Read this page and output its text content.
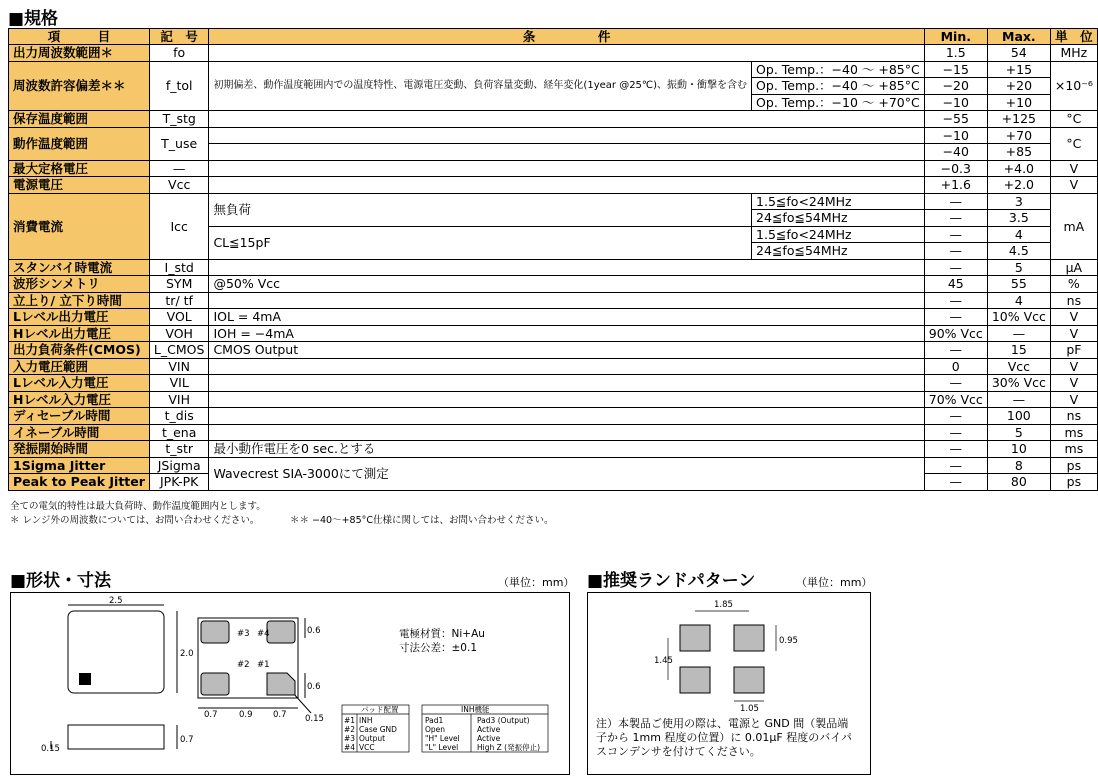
■規格
項　　　目	記　号	条　　　　　件		Min.	Max.	単　位
出力周波数範囲＊	fo			1.5	54	MHz
周波数許容偏差＊＊	f_tol	初期偏差、動作温度範囲内での温度特性、電源電圧変動、負荷容量変動、経年変化(1year @25℃)、振動・衝撃を含む	Op. Temp.：−40 〜 +85°C	−15	+15	×10⁻⁶
			Op. Temp.：−40 〜 +85°C	−20	+20	
			Op. Temp.：−10 〜 +70°C	−10	+10	
保存温度範囲	T_stg			−55	+125	°C
動作温度範囲	T_use			−10	+70	°C
				−40	+85	
最大定格電圧	—			−0.3	+4.0	V
電源電圧	Vcc			+1.6	+2.0	V
消費電流	Icc	無負荷	1.5≦fo<24MHz	—	3	mA
			24≦fo≦54MHz	—	3.5	
		CL≦15pF	1.5≦fo<24MHz	—	4	
			24≦fo≦54MHz	—	4.5	
スタンバイ時電流	I_std			—	5	µA
波形シンメトリ	SYM	@50% Vcc		45	55	%
立上り/ 立下り時間	tr/ tf			—	4	ns
Lレベル出力電圧	VOL	IOL = 4mA		—	10% Vcc	V
Hレベル出力電圧	VOH	IOH = −4mA		90% Vcc	—	V
出力負荷条件(CMOS)	L_CMOS	CMOS Output		—	15	pF
入力電圧範囲	VIN			0	Vcc	V
Lレベル入力電圧	VIL			—	30% Vcc	V
Hレベル入力電圧	VIH			70% Vcc	—	V
ディセーブル時間	t_dis			—	100	ns
イネーブル時間	t_ena			—	5	ms
発振開始時間	t_str	最小動作電圧を0 sec.とする		—	10	ms
1Sigma Jitter	JSigma	Wavecrest SIA-3000にて測定		—	8	ps
Peak to Peak Jitter	JPK-PK			—	80	ps
全ての電気的特性は最大負荷時、動作温度範囲内とします。
＊ レンジ外の周波数については、お問い合わせください。	＊＊ −40〜+85°C仕様に関しては、お問い合わせください。
■形状・寸法	（単位：mm）
2.5
2.0
0.7
0.15
0.6
0.6
0.7	0.9 0.7 0.15
#3 #4
#2 #1
電極材質：Ni+Au
寸法公差：±0.1
パッド配置
#1 INH
#2 Case GND
#3 Output
#4 VCC
INH機能
Pad1	Pad3 (Output)
Open	Active
"H" Level Active
"L" Level High Z (発振停止)
■推奨ランドパターン	（単位：mm）
1.85
1.45
0.95
1.05
注）本製品ご使用の際は、電源と GND 間（製品端子から 1mm 程度の位置）に 0.01µF 程度のバイパスコンデンサを付けてください。
